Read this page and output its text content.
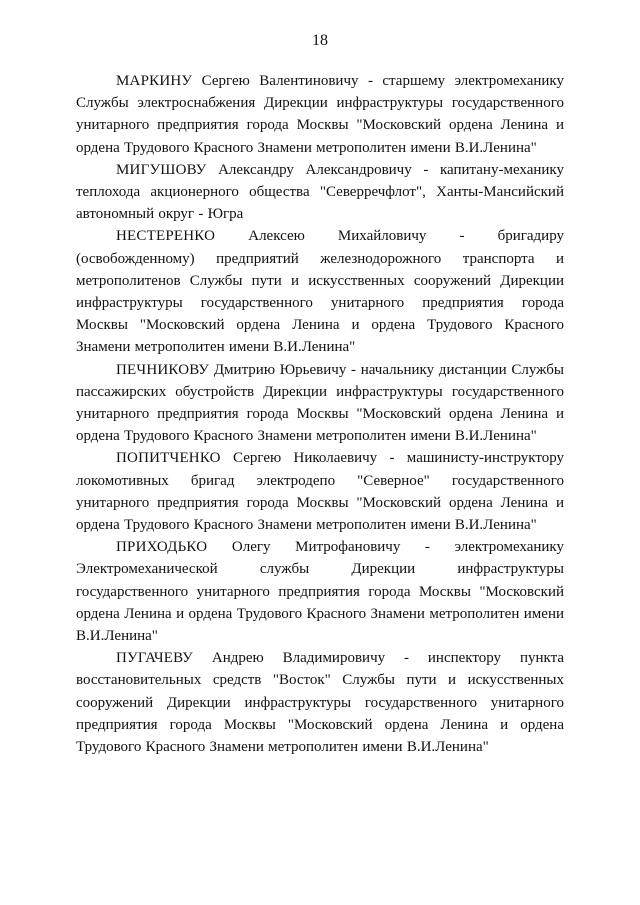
18

МАРКИНУ Сергею Валентиновичу - старшему электромеханику Службы электроснабжения Дирекции инфраструктуры государственного унитарного предприятия города Москвы "Московский ордена Ленина и ордена Трудового Красного Знамени метрополитен имени В.И.Ленина"

МИГУШОВУ Александру Александровичу - капитану-механику теплохода акционерного общества "Северречфлот", Ханты-Мансийский автономный округ - Югра

НЕСТЕРЕНКО Алексею Михайловичу - бригадиру (освобожденному) предприятий железнодорожного транспорта и метрополитенов Службы пути и искусственных сооружений Дирекции инфраструктуры государственного унитарного предприятия города Москвы "Московский ордена Ленина и ордена Трудового Красного Знамени метрополитен имени В.И.Ленина"

ПЕЧНИКОВУ Дмитрию Юрьевичу - начальнику дистанции Службы пассажирских обустройств Дирекции инфраструктуры государственного унитарного предприятия города Москвы "Московский ордена Ленина и ордена Трудового Красного Знамени метрополитен имени В.И.Ленина"

ПОПИТЧЕНКО Сергею Николаевичу - машинисту-инструктору локомотивных бригад электродепо "Северное" государственного унитарного предприятия города Москвы "Московский ордена Ленина и ордена Трудового Красного Знамени метрополитен имени В.И.Ленина"

ПРИХОДЬКО Олегу Митрофановичу - электромеханику Электромеханической службы Дирекции инфраструктуры государственного унитарного предприятия города Москвы "Московский ордена Ленина и ордена Трудового Красного Знамени метрополитен имени В.И.Ленина"

ПУГАЧЕВУ Андрею Владимировичу - инспектору пункта восстановительных средств "Восток" Службы пути и искусственных сооружений Дирекции инфраструктуры государственного унитарного предприятия города Москвы "Московский ордена Ленина и ордена Трудового Красного Знамени метрополитен имени В.И.Ленина"
